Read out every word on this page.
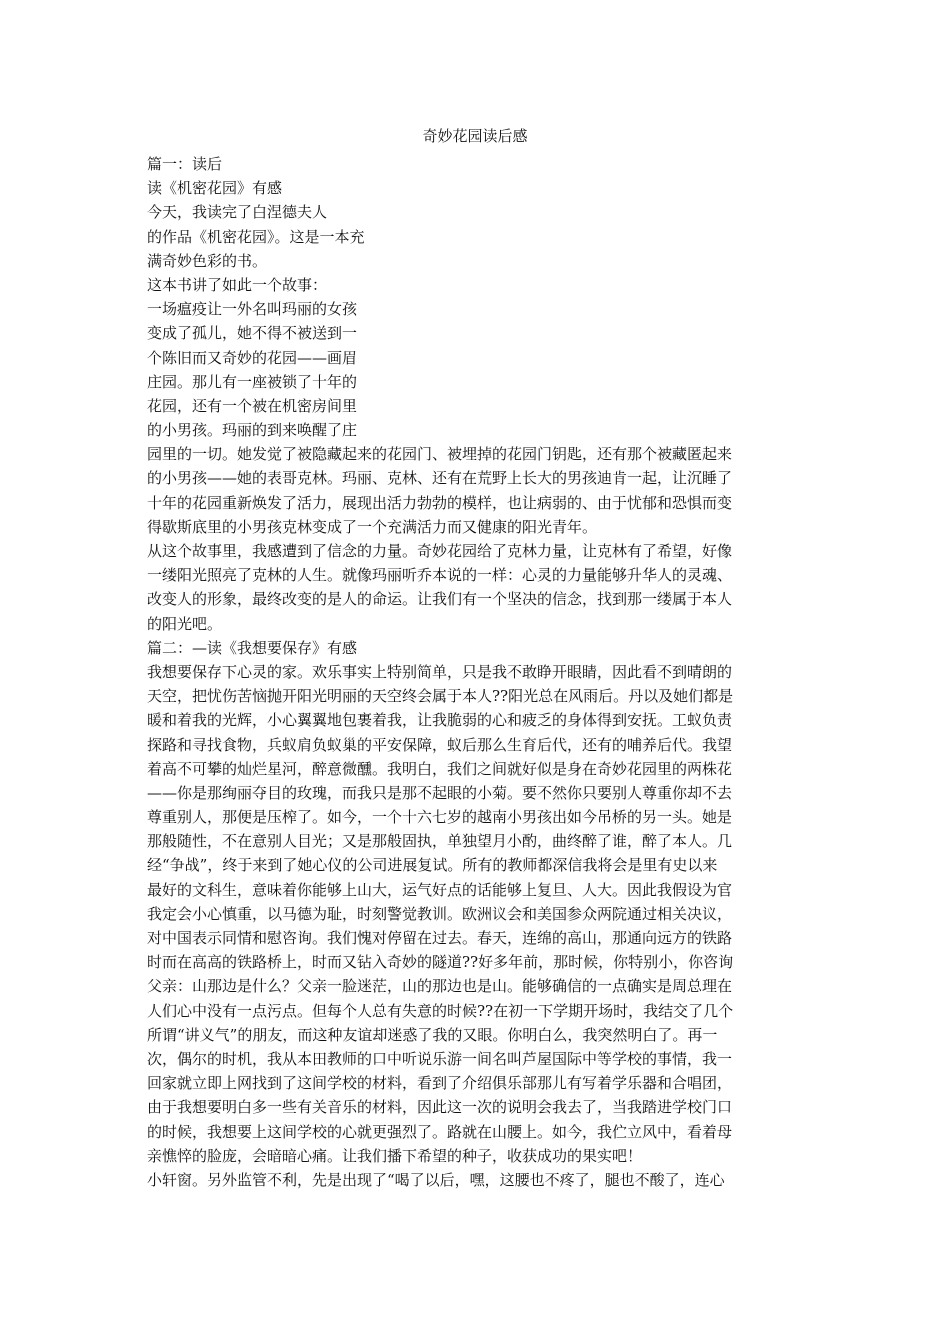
奇妙花园读后感
篇一：读后
读《机密花园》有感
今天，我读完了白涅德夫人
的作品《机密花园》。这是一本充
满奇妙色彩的书。
这本书讲了如此一个故事：
一场瘟疫让一外名叫玛丽的女孩
变成了孤儿，她不得不被送到一
个陈旧而又奇妙的花园——画眉
庄园。那儿有一座被锁了十年的
花园，还有一个被在机密房间里
的小男孩。玛丽的到来唤醒了庄
园里的一切。她发觉了被隐藏起来的花园门、被埋掉的花园门钥匙，还有那个被藏匿起来
的小男孩——她的表哥克林。玛丽、克林、还有在荒野上长大的男孩迪肯一起，让沉睡了
十年的花园重新焕发了活力，展现出活力勃勃的模样，也让病弱的、由于忧郁和恐惧而变
得歇斯底里的小男孩克林变成了一个充满活力而又健康的阳光青年。
从这个故事里，我感遭到了信念的力量。奇妙花园给了克林力量，让克林有了希望，好像
一缕阳光照亮了克林的人生。就像玛丽听乔本说的一样：心灵的力量能够升华人的灵魂、
改变人的形象，最终改变的是人的命运。让我们有一个坚决的信念，找到那一缕属于本人
的阳光吧。
篇二：—读《我想要保存》有感
我想要保存下心灵的家。欢乐事实上特别简单，只是我不敢睁开眼睛，因此看不到晴朗的
天空，把忧伤苦恼抛开阳光明丽的天空终会属于本人??阳光总在风雨后。丹以及她们都是
暖和着我的光辉，小心翼翼地包裹着我，让我脆弱的心和疲乏的身体得到安抚。工蚁负责
探路和寻找食物，兵蚁肩负蚁巢的平安保障，蚁后那么生育后代，还有的哺养后代。我望
着高不可攀的灿烂星河，醉意微醺。我明白，我们之间就好似是身在奇妙花园里的两株花
——你是那绚丽夺目的玫瑰，而我只是那不起眼的小菊。要不然你只要别人尊重你却不去
尊重别人，那便是压榨了。如今，一个十六七岁的越南小男孩出如今吊桥的另一头。她是
那般随性，不在意别人目光；又是那般固执，单独望月小酌，曲终醉了谁，醉了本人。几
经“争战”，终于来到了她心仪的公司进展复试。所有的教师都深信我将会是里有史以来
最好的文科生，意味着你能够上山大，运气好点的话能够上复旦、人大。因此我假设为官
我定会小心慎重，以马德为耻，时刻警觉教训。欧洲议会和美国参众两院通过相关决议，
对中国表示同情和慰咨询。我们愧对停留在过去。春天，连绵的高山，那通向远方的铁路
时而在高高的铁路桥上，时而又钻入奇妙的隧道??好多年前，那时候，你特别小，你咨询
父亲：山那边是什么？父亲一脸迷茫，山的那边也是山。能够确信的一点确实是周总理在
人们心中没有一点污点。但每个人总有失意的时候??在初一下学期开场时，我结交了几个
所谓“讲义气”的朋友，而这种友谊却迷惑了我的又眼。你明白么，我突然明白了。再一
次，偶尔的时机，我从本田教师的口中听说乐游一间名叫芦屋国际中等学校的事情，我一
回家就立即上网找到了这间学校的材料，看到了介绍俱乐部那儿有写着学乐器和合唱团，
由于我想要明白多一些有关音乐的材料，因此这一次的说明会我去了，当我踏进学校门口
的时候，我想要上这间学校的心就更强烈了。路就在山腰上。如今，我伫立风中，看着母
亲憔悴的脸庞，会暗暗心痛。让我们播下希望的种子，收获成功的果实吧！
小轩窗。另外监管不利，先是出现了“喝了以后，嘿，这腰也不疼了，腿也不酸了，连心
